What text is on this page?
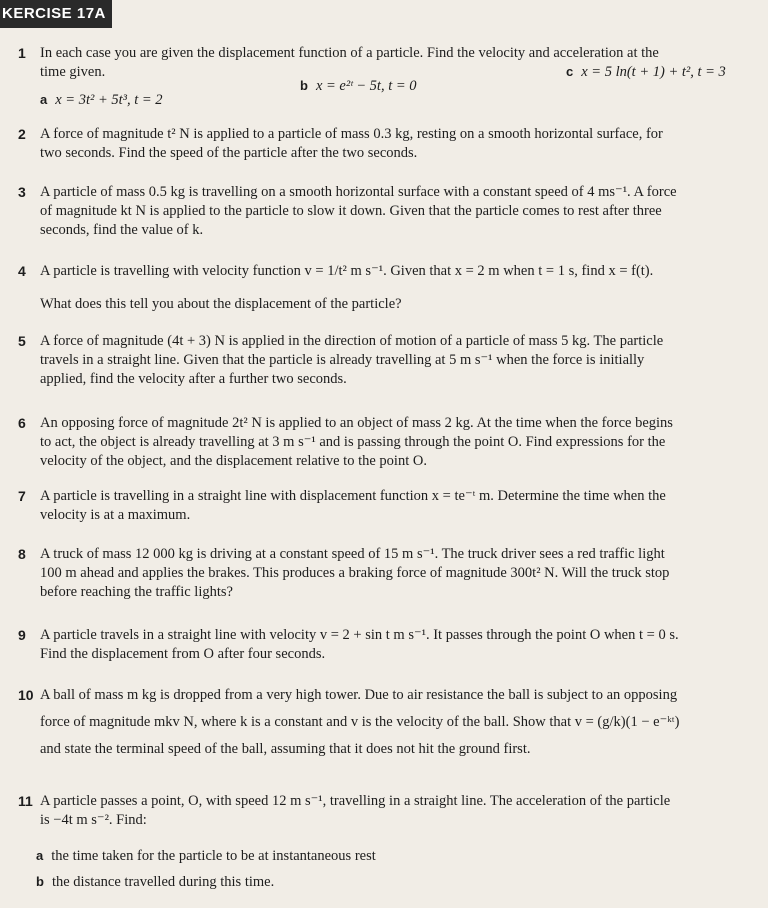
KERCISE 17A
1 In each case you are given the displacement function of a particle. Find the velocity and acceleration at the
time given.
a x = 3t² + 5t³, t = 2
b x = e²ᵗ − 5t, t = 0
c x = 5 ln(t + 1) + t², t = 3
2 A force of magnitude t² N is applied to a particle of mass 0.3 kg, resting on a smooth horizontal surface, for
two seconds. Find the speed of the particle after the two seconds.
3 A particle of mass 0.5 kg is travelling on a smooth horizontal surface with a constant speed of 4 ms⁻¹. A force
of magnitude kt N is applied to the particle to slow it down. Given that the particle comes to rest after three
seconds, find the value of k.
4 A particle is travelling with velocity function v = 1/t² m s⁻¹. Given that x = 2 m when t = 1 s, find x = f(t).
What does this tell you about the displacement of the particle?
5 A force of magnitude (4t + 3) N is applied in the direction of motion of a particle of mass 5 kg. The particle
travels in a straight line. Given that the particle is already travelling at 5 m s⁻¹ when the force is initially
applied, find the velocity after a further two seconds.
6 An opposing force of magnitude 2t² N is applied to an object of mass 2 kg. At the time when the force begins
to act, the object is already travelling at 3 m s⁻¹ and is passing through the point O. Find expressions for the
velocity of the object, and the displacement relative to the point O.
7 A particle is travelling in a straight line with displacement function x = te⁻ᵗ m. Determine the time when the
velocity is at a maximum.
8 A truck of mass 12 000 kg is driving at a constant speed of 15 m s⁻¹. The truck driver sees a red traffic light
100 m ahead and applies the brakes. This produces a braking force of magnitude 300t² N. Will the truck stop
before reaching the traffic lights?
9 A particle travels in a straight line with velocity v = 2 + sin t m s⁻¹. It passes through the point O when t = 0 s.
Find the displacement from O after four seconds.
10 A ball of mass m kg is dropped from a very high tower. Due to air resistance the ball is subject to an opposing
force of magnitude mkv N, where k is a constant and v is the velocity of the ball. Show that v = (g/k)(1 − e⁻ᵏᵗ)
and state the terminal speed of the ball, assuming that it does not hit the ground first.
11 A particle passes a point, O, with speed 12 m s⁻¹, travelling in a straight line. The acceleration of the particle
is −4t m s⁻². Find:
a the time taken for the particle to be at instantaneous rest
b the distance travelled during this time.
